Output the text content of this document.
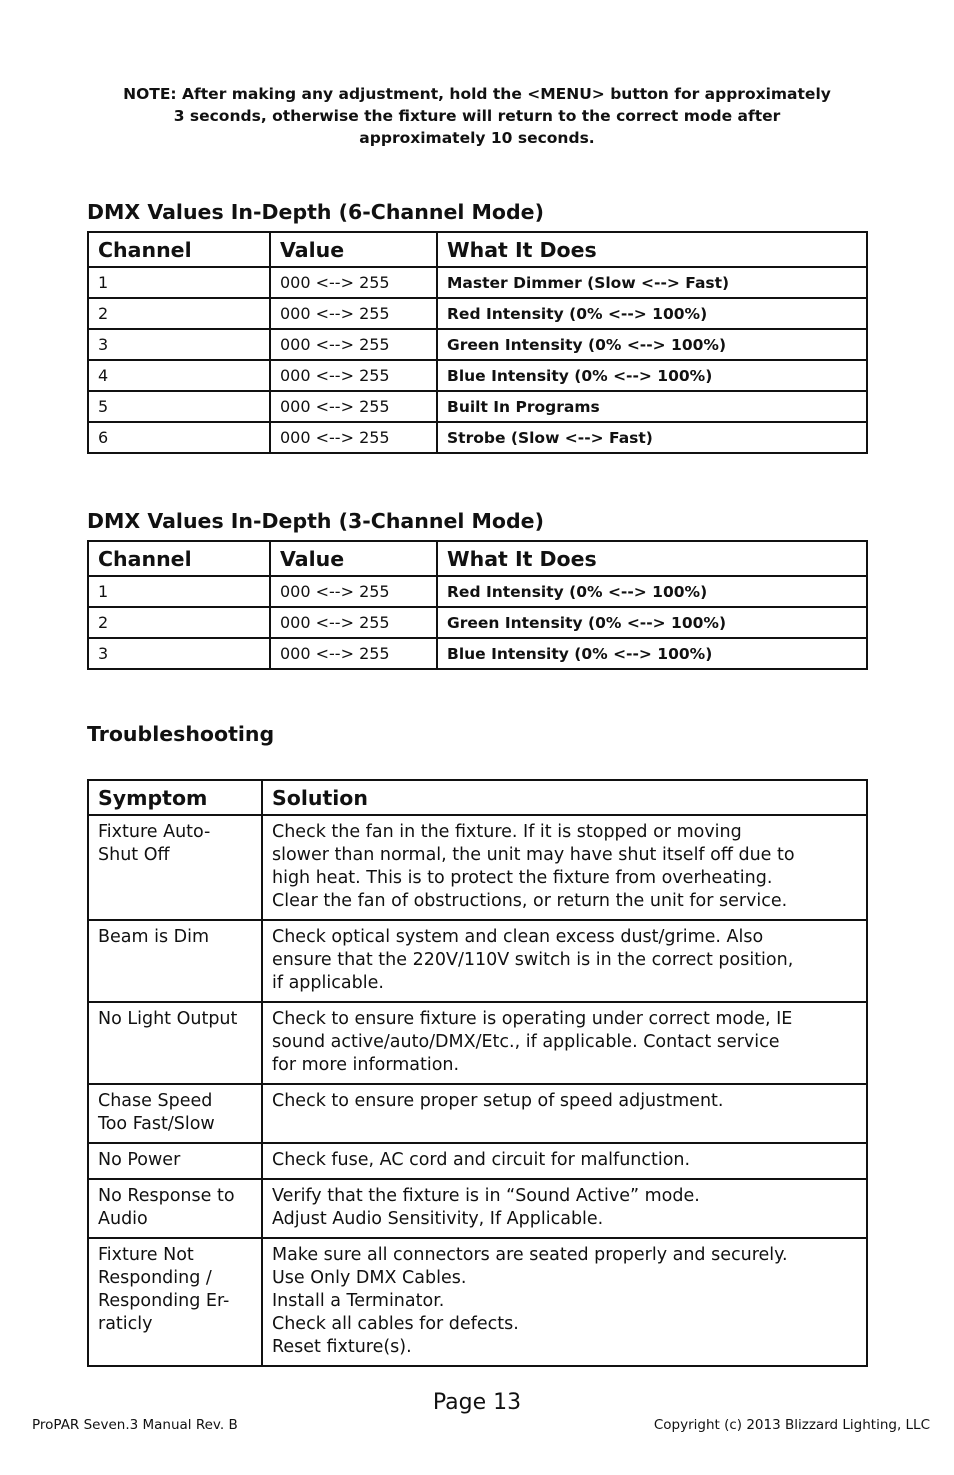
NOTE: After making any adjustment, hold the <MENU> button for approximately
3 seconds, otherwise the fixture will return to the correct mode after
approximately 10 seconds.
DMX Values In-Depth (6-Channel Mode)
Channel	Value	What It Does
1	000 <--> 255	Master Dimmer (Slow <--> Fast)
2	000 <--> 255	Red Intensity (0% <--> 100%)
3	000 <--> 255	Green Intensity (0% <--> 100%)
4	000 <--> 255	Blue Intensity (0% <--> 100%)
5	000 <--> 255	Built In Programs
6	000 <--> 255	Strobe (Slow <--> Fast)
DMX Values In-Depth (3-Channel Mode)
Channel	Value	What It Does
1	000 <--> 255	Red Intensity (0% <--> 100%)
2	000 <--> 255	Green Intensity (0% <--> 100%)
3	000 <--> 255	Blue Intensity (0% <--> 100%)
Troubleshooting
Symptom	Solution

Fixture Auto-
Shut Off	Check the fan in the fixture. If it is stopped or moving
slower than normal, the unit may have shut itself off due to
high heat. This is to protect the fixture from overheating.
Clear the fan of obstructions, or return the unit for service.

Beam is Dim	Check optical system and clean excess dust/grime. Also
ensure that the 220V/110V switch is in the correct position,
if applicable.

No Light Output	Check to ensure fixture is operating under correct mode, IE
sound active/auto/DMX/Etc., if applicable. Contact service
for more information.

Chase Speed
Too Fast/Slow	Check to ensure proper setup of speed adjustment.

No Power	Check fuse, AC cord and circuit for malfunction.

No Response to
Audio	Verify that the fixture is in “Sound Active” mode.
Adjust Audio Sensitivity, If Applicable.

Fixture Not
Responding /
Responding Er-
raticly	Make sure all connectors are seated properly and securely.
Use Only DMX Cables.
Install a Terminator.
Check all cables for defects.
Reset fixture(s).
Page 13
ProPAR Seven.3 Manual Rev. B	Copyright (c) 2013 Blizzard Lighting, LLC
